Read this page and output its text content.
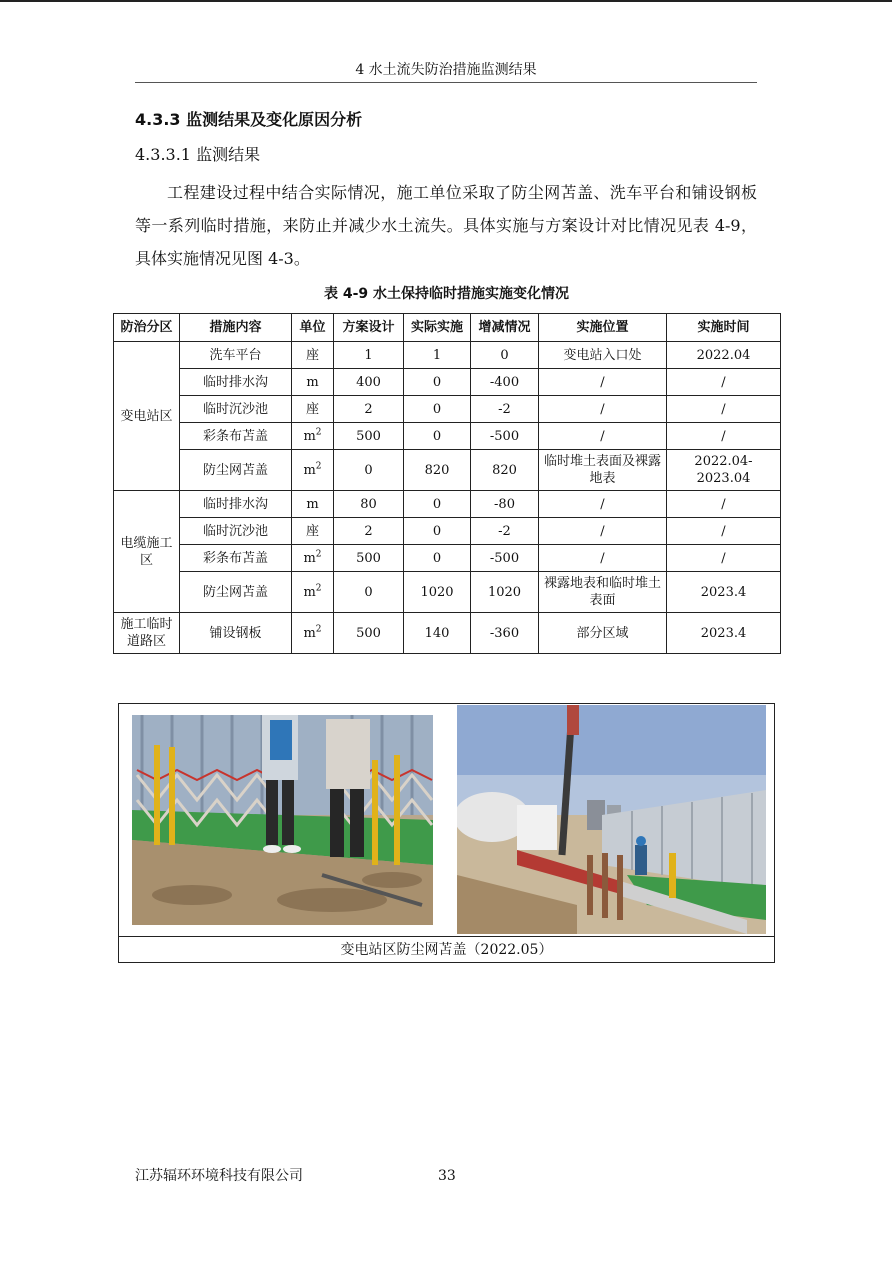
4 水土流失防治措施监测结果
4.3.3 监测结果及变化原因分析
4.3.3.1 监测结果
工程建设过程中结合实际情况，施工单位采取了防尘网苫盖、洗车平台和铺设钢板等一系列临时措施，来防止并减少水土流失。具体实施与方案设计对比情况见表 4-9，具体实施情况见图 4-3。
表 4-9 水土保持临时措施实施变化情况
防治分区	措施内容	单位	方案设计	实际实施	增减情况	实施位置	实施时间
变电站区	洗车平台	座	1	1	0	变电站入口处	2022.04
	临时排水沟	m	400	0	-400	/	/
	临时沉沙池	座	2	0	-2	/	/
	彩条布苫盖	$m^2$	500	0	-500	/	/
	防尘网苫盖	$m^2$	0	820	820	临时堆土表面及裸露地表	2022.04-2023.04
电缆施工区	临时排水沟	m	80	0	-80	/	/
	临时沉沙池	座	2	0	-2	/	/
	彩条布苫盖	$m^2$	500	0	-500	/	/
	防尘网苫盖	$m^2$	0	1020	1020	裸露地表和临时堆土表面	2023.4
施工临时道路区	铺设钢板	$m^2$	500	140	-360	部分区域	2023.4
变电站区防尘网苫盖（2022.05）
江苏辐环环境科技有限公司	33
